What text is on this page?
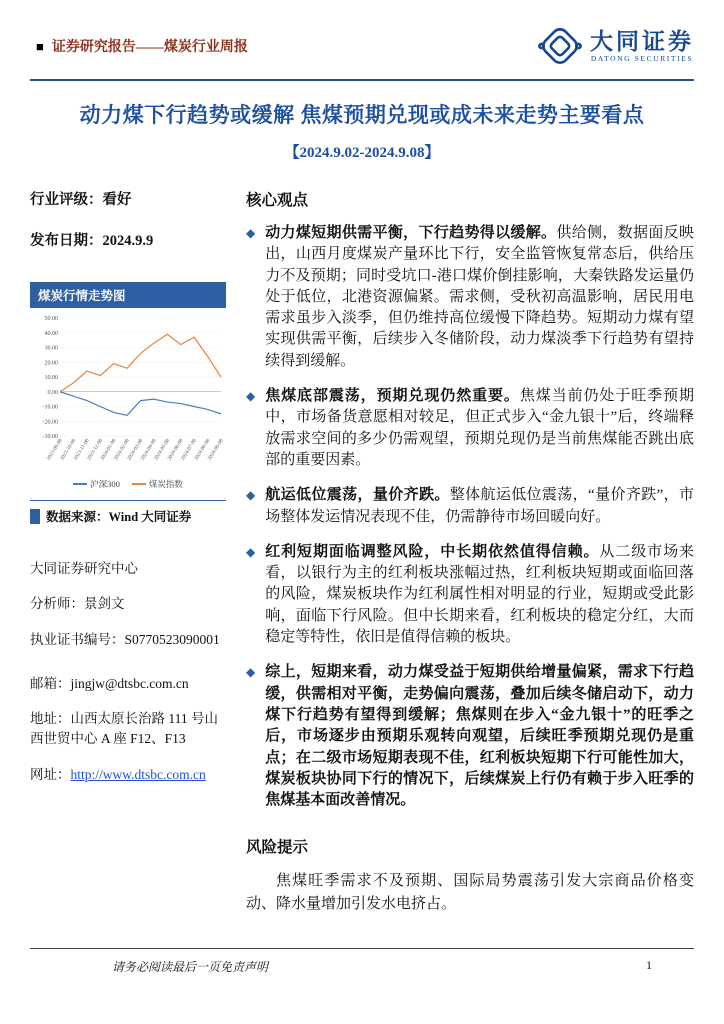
■ 证券研究报告——煤炭行业周报	大同证券
DATONG SECURITIES
动力煤下行趋势或缓解 焦煤预期兑现或成未来走势主要看点
【2024.9.02-2024.9.08】
行业评级：看好
发布日期：2024.9.9
煤炭行情走势图
50.00
40.00
30.00
20.00
10.00
0.00
-10.00
-20.00
-30.00
2023-09-08
2023-10-08
2023-11-08
2023-12-08
2024-01-08
2024-02-08
2024-03-08
2024-04-08
2024-05-08
2024-06-08
2024-07-08
2024-08-08
2024-09-08
沪深300	煤炭指数
数据来源：Wind 大同证券
大同证券研究中心
分析师：景剑文
执业证书编号：S0770523090001
邮箱：jingjw@dtsbc.com.cn
地址：山西太原长治路 111 号山西世贸中心 A 座 F12、F13
网址：http://www.dtsbc.com.cn
核心观点
◆ 动力煤短期供需平衡，下行趋势得以缓解。供给侧，数据面反映出，山西月度煤炭产量环比下行，安全监管恢复常态后，供给压力不及预期；同时受坑口-港口煤价倒挂影响，大秦铁路发运量仍处于低位，北港资源偏紧。需求侧，受秋初高温影响，居民用电需求虽步入淡季，但仍维持高位缓慢下降趋势。短期动力煤有望实现供需平衡，后续步入冬储阶段，动力煤淡季下行趋势有望持续得到缓解。

◆ 焦煤底部震荡，预期兑现仍然重要。焦煤当前仍处于旺季预期中，市场备货意愿相对较足，但正式步入“金九银十”后，终端释放需求空间的多少仍需观望，预期兑现仍是当前焦煤能否跳出底部的重要因素。

◆ 航运低位震荡，量价齐跌。整体航运低位震荡，“量价齐跌”，市场整体发运情况表现不佳，仍需静待市场回暖向好。

◆ 红利短期面临调整风险，中长期依然值得信赖。从二级市场来看，以银行为主的红利板块涨幅过热，红利板块短期或面临回落的风险，煤炭板块作为红利属性相对明显的行业，短期或受此影响，面临下行风险。但中长期来看，红利板块的稳定分红，大而稳定等特性，依旧是值得信赖的板块。

◆ 综上，短期来看，动力煤受益于短期供给增量偏紧，需求下行趋缓，供需相对平衡，走势偏向震荡，叠加后续冬储启动下，动力煤下行趋势有望得到缓解；焦煤则在步入“金九银十”的旺季之后，市场逐步由预期乐观转向观望，后续旺季预期兑现仍是重点；在二级市场短期表现不佳，红利板块短期下行可能性加大，煤炭板块协同下行的情况下，后续煤炭上行仍有赖于步入旺季的焦煤基本面改善情况。

风险提示

焦煤旺季需求不及预期、国际局势震荡引发大宗商品价格变动、降水量增加引发水电挤占。

请务必阅读最后一页免责声明	1
